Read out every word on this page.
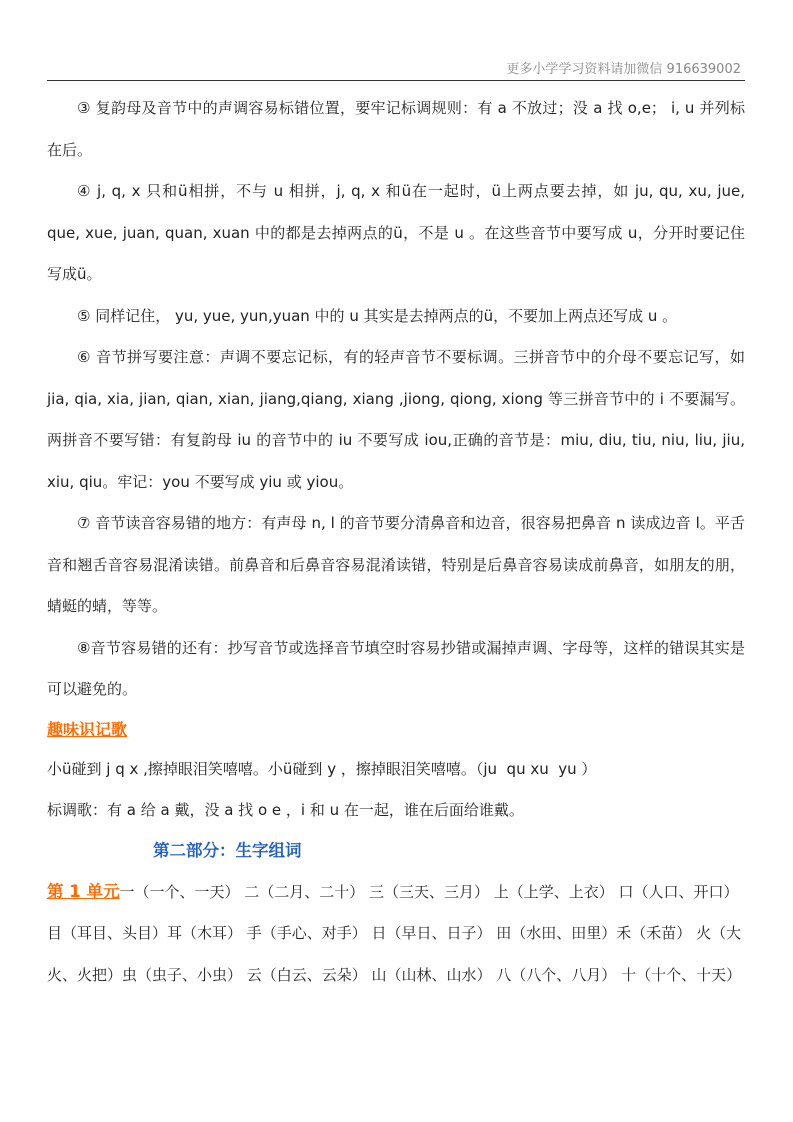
更多小学学习资料请加微信 916639002

③ 复韵母及音节中的声调容易标错位置，要牢记标调规则：有 a 不放过；没 a 找 o,e； i, u 并列标在后。

④ j, q, x 只和ü相拼，不与 u 相拼，j, q, x 和ü在一起时，ü上两点要去掉，如 ju, qu, xu, jue, que, xue, juan, quan, xuan 中的都是去掉两点的ü，不是 u 。在这些音节中要写成 u，分开时要记住写成ü。

⑤ 同样记住， yu, yue, yun,yuan 中的 u 其实是去掉两点的ü，不要加上两点还写成 u 。

⑥ 音节拼写要注意：声调不要忘记标，有的轻声音节不要标调。三拼音节中的介母不要忘记写，如 jia, qia, xia, jian, qian, xian, jiang,qiang, xiang ,jiong, qiong, xiong 等三拼音节中的 i 不要漏写。两拼音不要写错：有复韵母 iu 的音节中的 iu 不要写成 iou,正确的音节是：miu, diu, tiu, niu, liu, jiu, xiu, qiu。牢记：you 不要写成 yiu 或 yiou。

⑦ 音节读音容易错的地方：有声母 n, l 的音节要分清鼻音和边音，很容易把鼻音 n 读成边音 l。平舌音和翘舌音容易混淆读错。前鼻音和后鼻音容易混淆读错，特别是后鼻音容易读成前鼻音，如朋友的朋，蜻蜓的蜻，等等。

⑧音节容易错的还有：抄写音节或选择音节填空时容易抄错或漏掉声调、字母等，这样的错误其实是可以避免的。

趣味识记歌

小ü碰到 j q x ,擦掉眼泪笑嘻嘻。小ü碰到 y ，擦掉眼泪笑嘻嘻。（ju  qu xu  yu ）

标调歌：有 a 给 a 戴，没 a 找 o e ，i 和 u 在一起，谁在后面给谁戴。

第二部分：生字组词

第 1 单元一（一个、一天） 二（二月、二十） 三（三天、三月） 上（上学、上衣） 口（人口、开口） 目（耳目、头目）耳（木耳） 手（手心、对手） 日（早日、日子） 田（水田、田里）禾（禾苗） 火（大火、火把）虫（虫子、小虫） 云（白云、云朵） 山（山林、山水） 八（八个、八月） 十（十个、十天）
